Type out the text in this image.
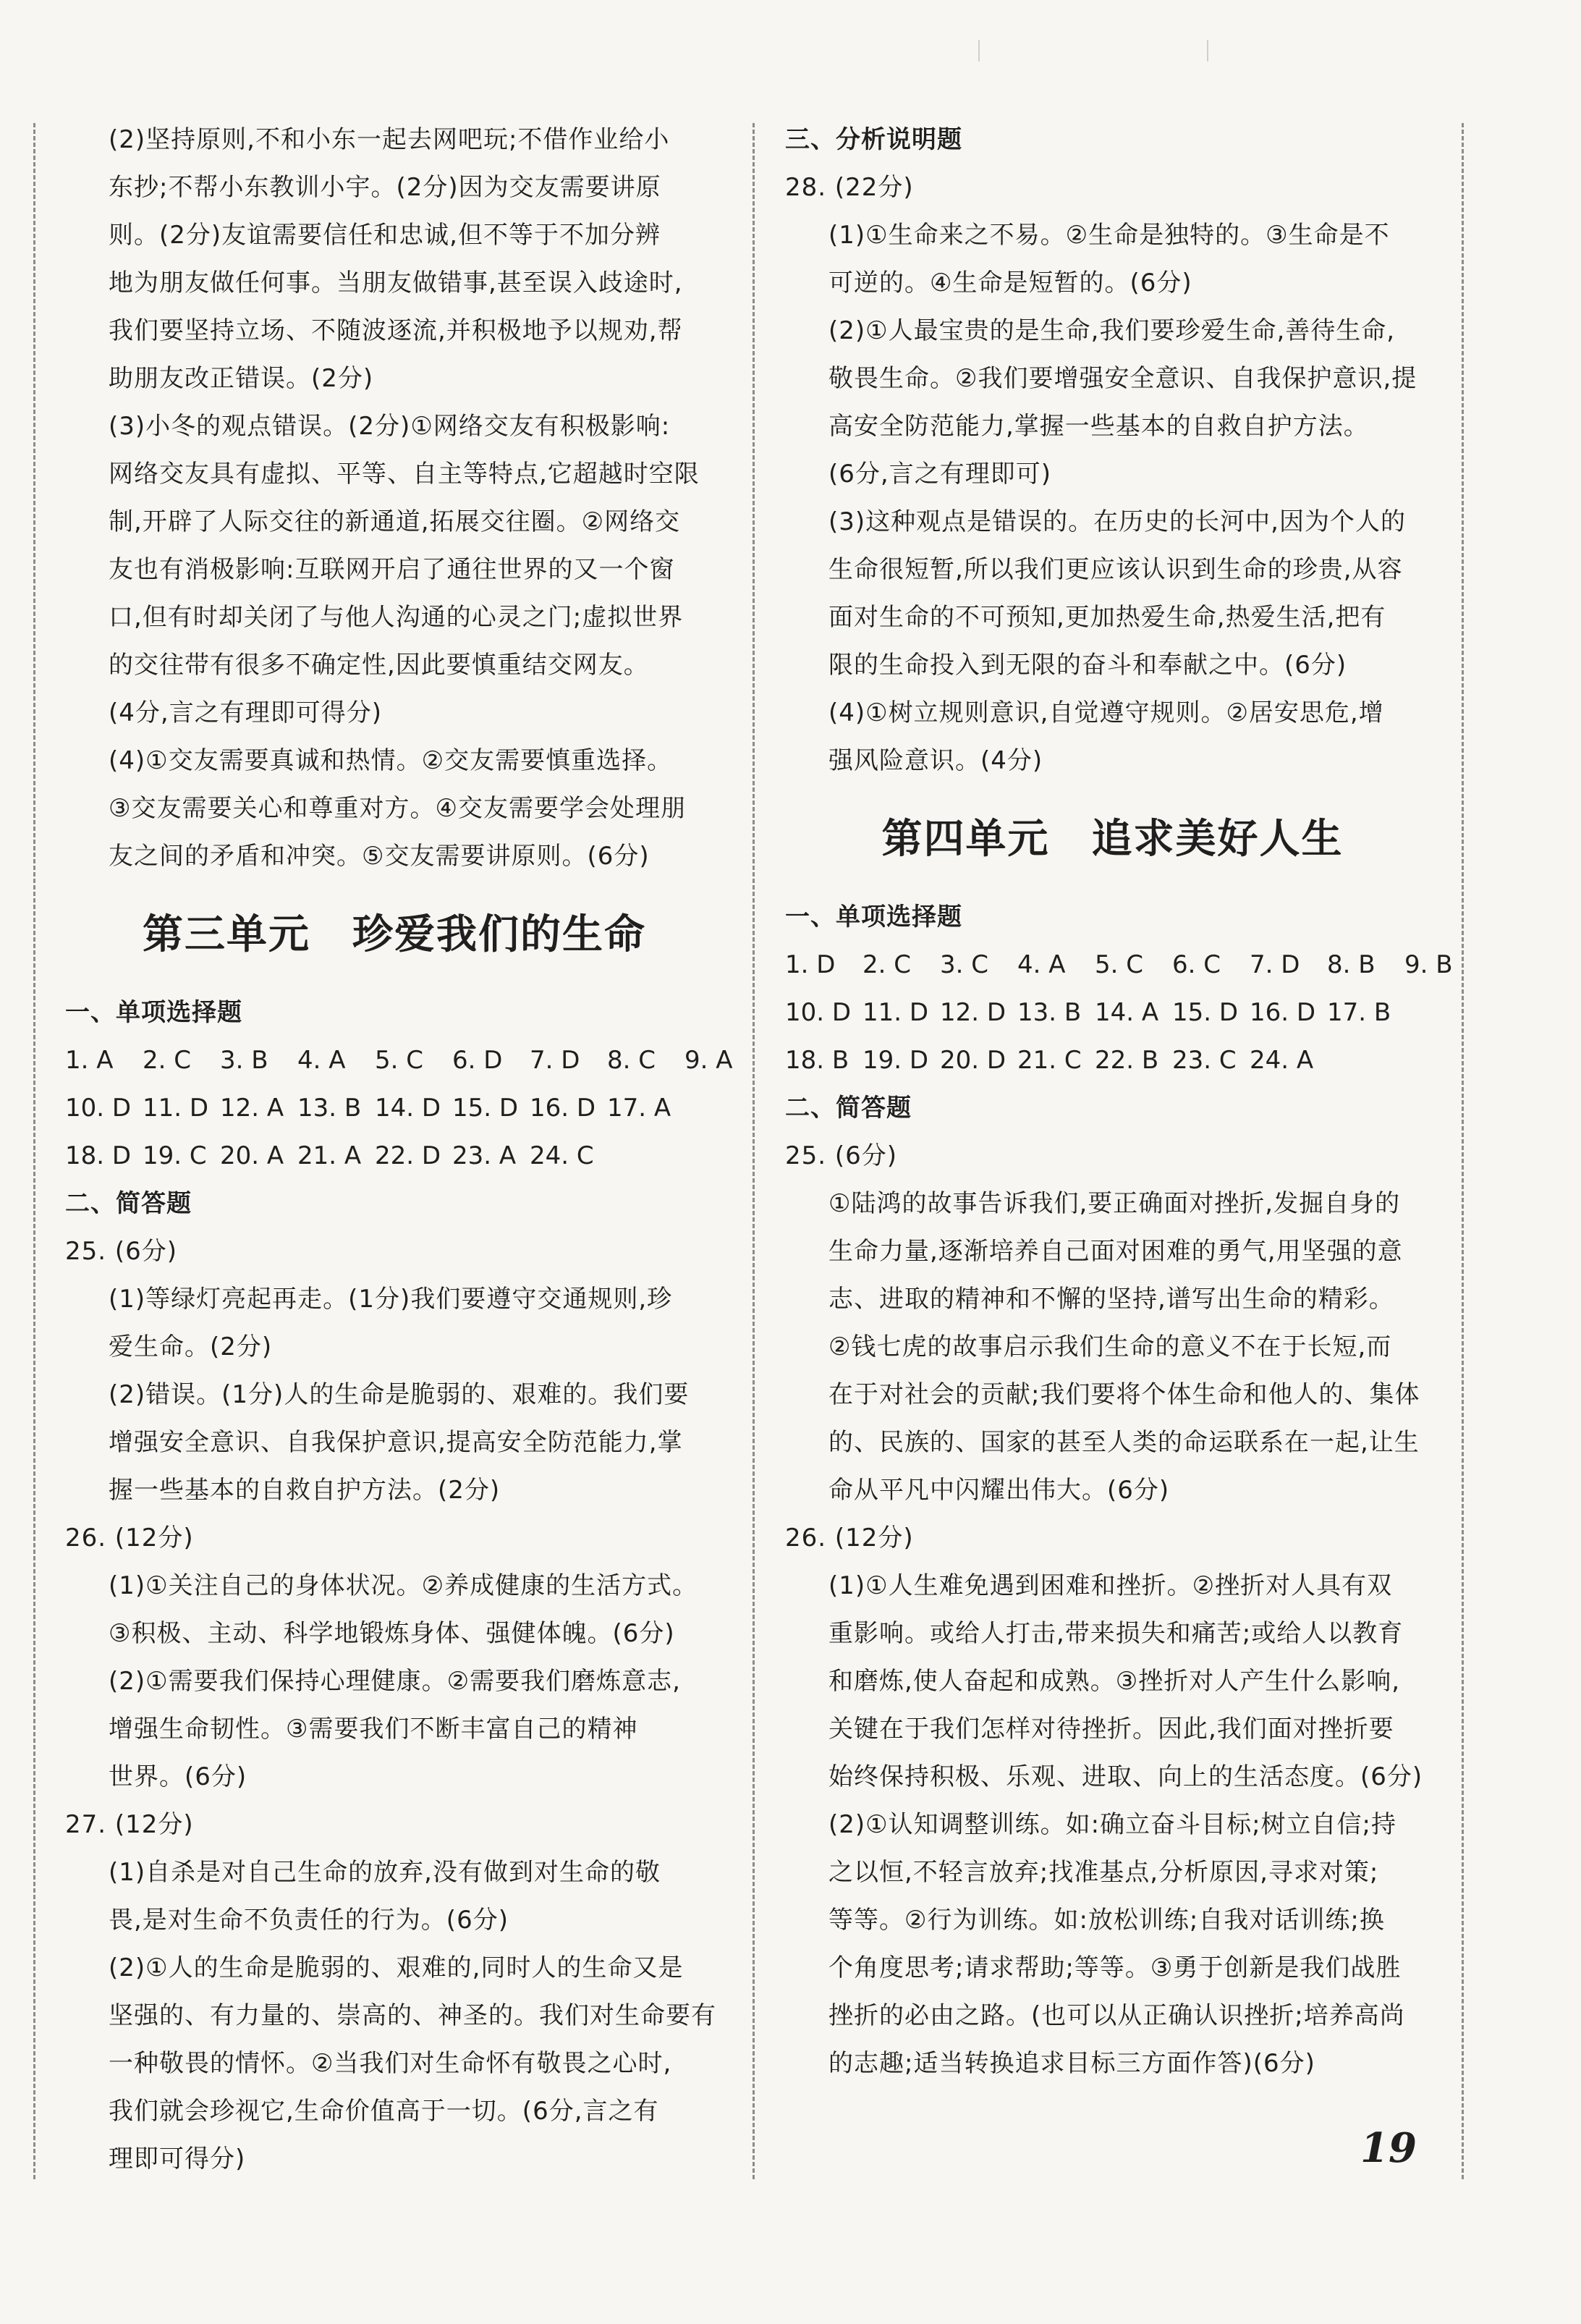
(2)坚持原则,不和小东一起去网吧玩;不借作业给小
东抄;不帮小东教训小宇。(2分)因为交友需要讲原
则。(2分)友谊需要信任和忠诚,但不等于不加分辨
地为朋友做任何事。当朋友做错事,甚至误入歧途时,
我们要坚持立场、不随波逐流,并积极地予以规劝,帮
助朋友改正错误。(2分)
(3)小冬的观点错误。(2分)①网络交友有积极影响:
网络交友具有虚拟、平等、自主等特点,它超越时空限
制,开辟了人际交往的新通道,拓展交往圈。②网络交
友也有消极影响:互联网开启了通往世界的又一个窗
口,但有时却关闭了与他人沟通的心灵之门;虚拟世界
的交往带有很多不确定性,因此要慎重结交网友。
(4分,言之有理即可得分)
(4)①交友需要真诚和热情。②交友需要慎重选择。
③交友需要关心和尊重对方。④交友需要学会处理朋
友之间的矛盾和冲突。⑤交友需要讲原则。(6分)
第三单元　珍爱我们的生命
一、单项选择题
1. A	2. C	3. B	4. A	5. C	6. D	7. D	8. C	9. A
10. D 11. D 12. A 13. B 14. D 15. D 16. D 17. A
18. D 19. C 20. A 21. A 22. D 23. A 24. C
二、简答题
25. (6分)
(1)等绿灯亮起再走。(1分)我们要遵守交通规则,珍
爱生命。(2分)
(2)错误。(1分)人的生命是脆弱的、艰难的。我们要
增强安全意识、自我保护意识,提高安全防范能力,掌
握一些基本的自救自护方法。(2分)
26. (12分)
(1)①关注自己的身体状况。②养成健康的生活方式。
③积极、主动、科学地锻炼身体、强健体魄。(6分)
(2)①需要我们保持心理健康。②需要我们磨炼意志,
增强生命韧性。③需要我们不断丰富自己的精神
世界。(6分)
27. (12分)
(1)自杀是对自己生命的放弃,没有做到对生命的敬
畏,是对生命不负责任的行为。(6分)
(2)①人的生命是脆弱的、艰难的,同时人的生命又是
坚强的、有力量的、崇高的、神圣的。我们对生命要有
一种敬畏的情怀。②当我们对生命怀有敬畏之心时,
我们就会珍视它,生命价值高于一切。(6分,言之有
理即可得分)
三、分析说明题
28. (22分)
(1)①生命来之不易。②生命是独特的。③生命是不
可逆的。④生命是短暂的。(6分)
(2)①人最宝贵的是生命,我们要珍爱生命,善待生命,
敬畏生命。②我们要增强安全意识、自我保护意识,提
高安全防范能力,掌握一些基本的自救自护方法。
(6分,言之有理即可)
(3)这种观点是错误的。在历史的长河中,因为个人的
生命很短暂,所以我们更应该认识到生命的珍贵,从容
面对生命的不可预知,更加热爱生命,热爱生活,把有
限的生命投入到无限的奋斗和奉献之中。(6分)
(4)①树立规则意识,自觉遵守规则。②居安思危,增
强风险意识。(4分)
第四单元　追求美好人生
一、单项选择题
1. D	2. C	3. C	4. A	5. C	6. C	7. D	8. B	9. B
10. D 11. D 12. D 13. B 14. A 15. D 16. D 17. B
18. B 19. D 20. D 21. C 22. B 23. C 24. A
二、简答题
25. (6分)
①陆鸿的故事告诉我们,要正确面对挫折,发掘自身的
生命力量,逐渐培养自己面对困难的勇气,用坚强的意
志、进取的精神和不懈的坚持,谱写出生命的精彩。
②钱七虎的故事启示我们生命的意义不在于长短,而
在于对社会的贡献;我们要将个体生命和他人的、集体
的、民族的、国家的甚至人类的命运联系在一起,让生
命从平凡中闪耀出伟大。(6分)
26. (12分)
(1)①人生难免遇到困难和挫折。②挫折对人具有双
重影响。或给人打击,带来损失和痛苦;或给人以教育
和磨炼,使人奋起和成熟。③挫折对人产生什么影响,
关键在于我们怎样对待挫折。因此,我们面对挫折要
始终保持积极、乐观、进取、向上的生活态度。(6分)
(2)①认知调整训练。如:确立奋斗目标;树立自信;持
之以恒,不轻言放弃;找准基点,分析原因,寻求对策;
等等。②行为训练。如:放松训练;自我对话训练;换
个角度思考;请求帮助;等等。③勇于创新是我们战胜
挫折的必由之路。(也可以从正确认识挫折;培养高尚
的志趣;适当转换追求目标三方面作答)(6分)
19
